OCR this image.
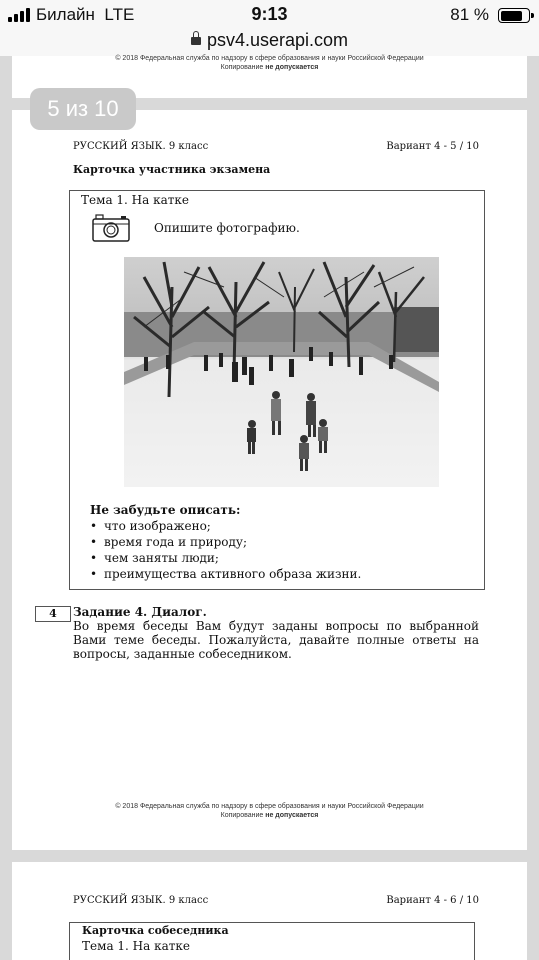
Билайн LTE	9:13	81 %
psv4.userapi.com
© 2018 Федеральная служба по надзору в сфере образования и науки Российской Федерации
Копирование не допускается
РУССКИЙ ЯЗЫК. 9 класс	Вариант 4 - 5 / 10
Карточка участника экзамена
Тема 1. На катке
Опишите фотографию.
Не забудьте описать:
• что изображено;
• время года и природу;
• чем заняты люди;
• преимущества активного образа жизни.
4	Задание 4. Диалог.
Во время беседы Вам будут заданы вопросы по выбранной Вами теме беседы. Пожалуйста, давайте полные ответы на вопросы, заданные собеседником.
© 2018 Федеральная служба по надзору в сфере образования и науки Российской Федерации
Копирование не допускается
5 из 10
РУССКИЙ ЯЗЫК. 9 класс	Вариант 4 - 6 / 10
Карточка собеседника
Тема 1. На катке
